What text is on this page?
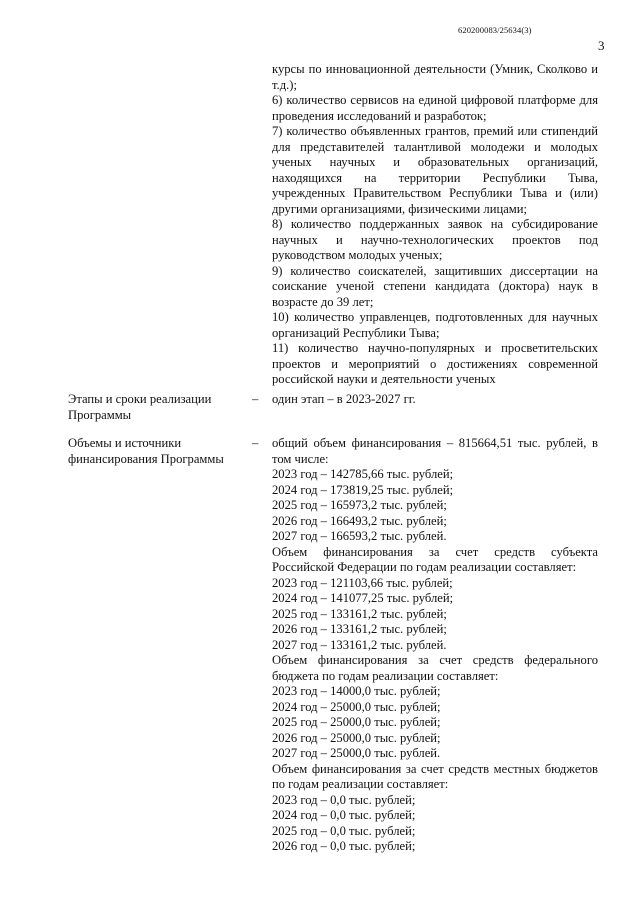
620200083/25634(3)
3

курсы по инновационной деятельности (Умник, Сколково и т.д.);

6) количество сервисов на единой цифровой платформе для проведения исследований и разработок;

7) количество объявленных грантов, премий или стипендий для представителей талантливой молодежи и молодых ученых научных и образовательных организаций, находящихся на территории Республики Тыва, учрежденных Правительством Республики Тыва и (или) другими организациями, физическими лицами;

8) количество поддержанных заявок на субсидирование научных и научно-технологических проектов под руководством молодых ученых;

9) количество соискателей, защитивших диссертации на соискание ученой степени кандидата (доктора) наук в возрасте до 39 лет;

10) количество управленцев, подготовленных для научных организаций Республики Тыва;

11) количество научно-популярных и просветительских проектов и мероприятий о достижениях современной российской науки и деятельности ученых

Этапы и сроки реализации Программы
– один этап – в 2023-2027 гг.
Объемы и источники финансирования Программы
– общий объем финансирования – 815664,51 тыс. рублей, в том числе:

2023 год – 142785,66 тыс. рублей;
2024 год – 173819,25 тыс. рублей;
2025 год – 165973,2 тыс. рублей;
2026 год – 166493,2 тыс. рублей;
2027 год – 166593,2 тыс. рублей.

Объем финансирования за счет средств субъекта Российской Федерации по годам реализации составляет:

2023 год – 121103,66 тыс. рублей;
2024 год – 141077,25 тыс. рублей;
2025 год – 133161,2 тыс. рублей;
2026 год – 133161,2 тыс. рублей;
2027 год – 133161,2 тыс. рублей.

Объем финансирования за счет средств федерального бюджета по годам реализации составляет:

2023 год – 14000,0 тыс. рублей;
2024 год – 25000,0 тыс. рублей;
2025 год – 25000,0 тыс. рублей;
2026 год – 25000,0 тыс. рублей;
2027 год – 25000,0 тыс. рублей.

Объем финансирования за счет средств местных бюджетов по годам реализации составляет:

2023 год – 0,0 тыс. рублей;
2024 год – 0,0 тыс. рублей;
2025 год – 0,0 тыс. рублей;
2026 год – 0,0 тыс. рублей;
